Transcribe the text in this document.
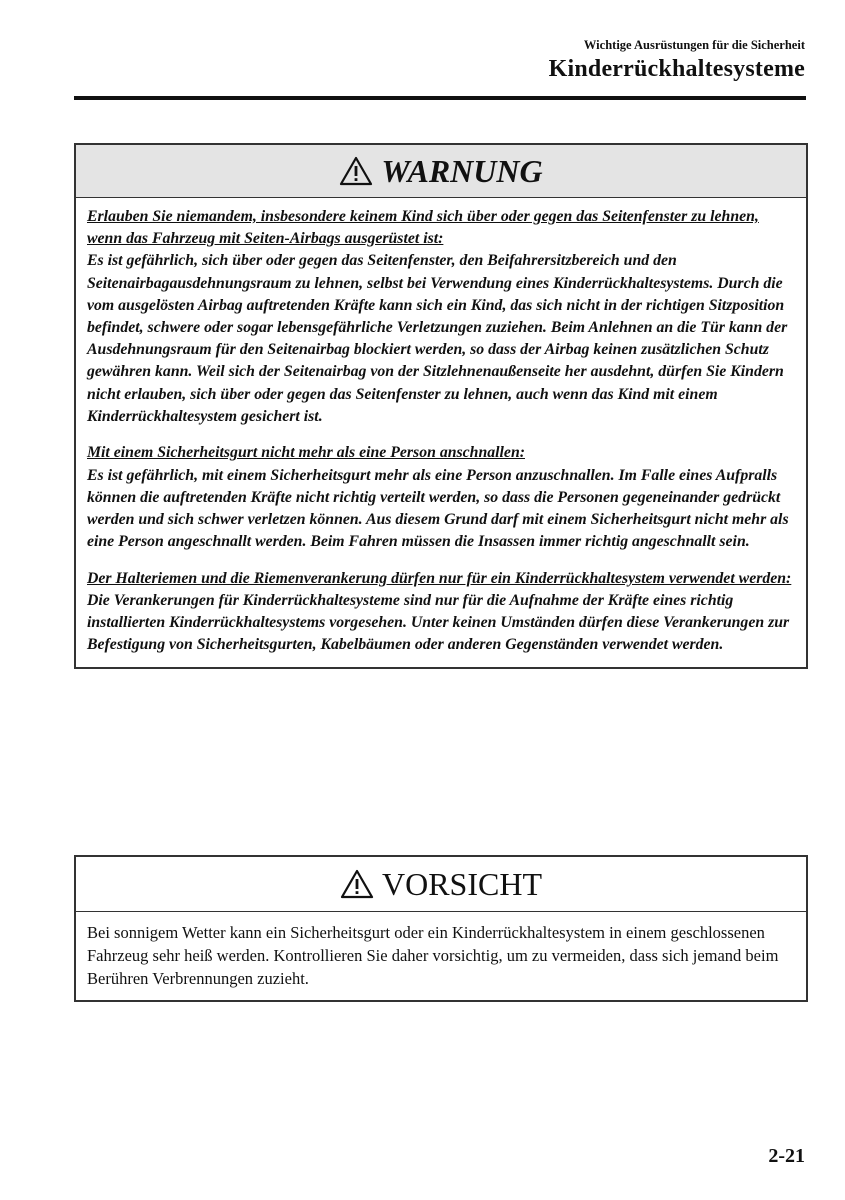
Wichtige Ausrüstungen für die Sicherheit
Kinderrückhaltesysteme
WARNUNG

Erlauben Sie niemandem, insbesondere keinem Kind sich über oder gegen das Seitenfenster zu lehnen, wenn das Fahrzeug mit Seiten-Airbags ausgerüstet ist:
Es ist gefährlich, sich über oder gegen das Seitenfenster, den Beifahrersitzbereich und den Seitenairbagausdehnungsraum zu lehnen, selbst bei Verwendung eines Kinderrückhaltesystems. Durch die vom ausgelösten Airbag auftretenden Kräfte kann sich ein Kind, das sich nicht in der richtigen Sitzposition befindet, schwere oder sogar lebensgefährliche Verletzungen zuziehen. Beim Anlehnen an die Tür kann der Ausdehnungsraum für den Seitenairbag blockiert werden, so dass der Airbag keinen zusätzlichen Schutz gewähren kann. Weil sich der Seitenairbag von der Sitzlehnenaußenseite her ausdehnt, dürfen Sie Kindern nicht erlauben, sich über oder gegen das Seitenfenster zu lehnen, auch wenn das Kind mit einem Kinderrückhaltesystem gesichert ist.

Mit einem Sicherheitsgurt nicht mehr als eine Person anschnallen:
Es ist gefährlich, mit einem Sicherheitsgurt mehr als eine Person anzuschnallen. Im Falle eines Aufpralls können die auftretenden Kräfte nicht richtig verteilt werden, so dass die Personen gegeneinander gedrückt werden und sich schwer verletzen können. Aus diesem Grund darf mit einem Sicherheitsgurt nicht mehr als eine Person angeschnallt werden. Beim Fahren müssen die Insassen immer richtig angeschnallt sein.

Der Halteriemen und die Riemenverankerung dürfen nur für ein Kinderrückhaltesystem verwendet werden:
Die Verankerungen für Kinderrückhaltesysteme sind nur für die Aufnahme der Kräfte eines richtig installierten Kinderrückhaltesystems vorgesehen. Unter keinen Umständen dürfen diese Verankerungen zur Befestigung von Sicherheitsgurten, Kabelbäumen oder anderen Gegenständen verwendet werden.

VORSICHT
Bei sonnigem Wetter kann ein Sicherheitsgurt oder ein Kinderrückhaltesystem in einem geschlossenen Fahrzeug sehr heiß werden. Kontrollieren Sie daher vorsichtig, um zu vermeiden, dass sich jemand beim Berühren Verbrennungen zuzieht.
2-21
